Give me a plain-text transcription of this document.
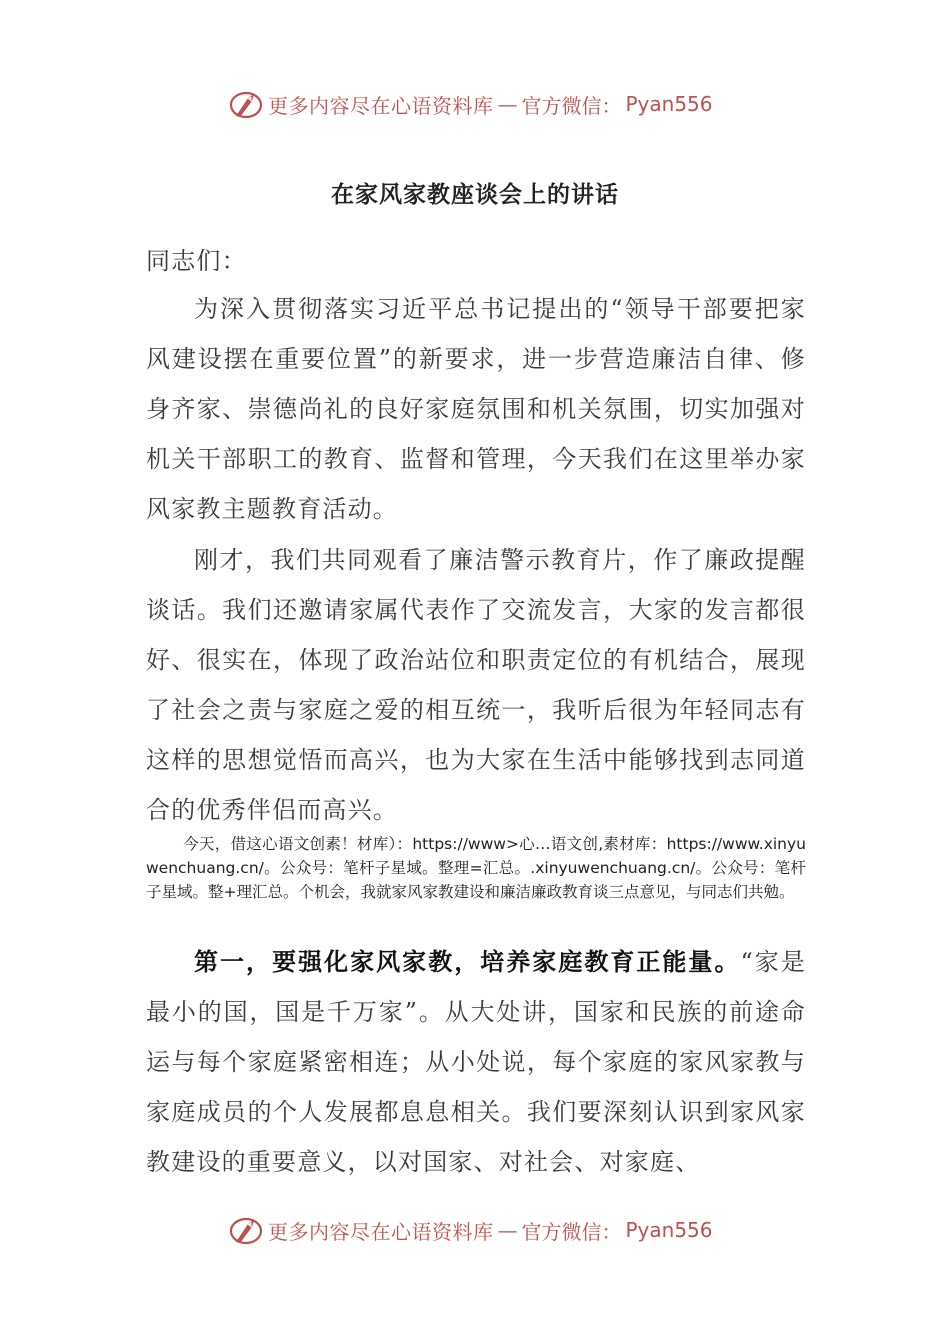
更多内容尽在心语资料库 — 官方微信： Pyan556
在家风家教座谈会上的讲话
同志们：
为深入贯彻落实习近平总书记提出的“领导干部要把家风建设摆在重要位置”的新要求，进一步营造廉洁自律、修身齐家、崇德尚礼的良好家庭氛围和机关氛围，切实加强对机关干部职工的教育、监督和管理，今天我们在这里举办家风家教主题教育活动。
刚才，我们共同观看了廉洁警示教育片，作了廉政提醒谈话。我们还邀请家属代表作了交流发言，大家的发言都很好、很实在，体现了政治站位和职责定位的有机结合，展现了社会之责与家庭之爱的相互统一，我听后很为年轻同志有这样的思想觉悟而高兴，也为大家在生活中能够找到志同道合的优秀伴侣而高兴。
今天，借这心语文创素！材库）：https://www>心…语文创,素材库：https://www.xinyuwenchuang.cn/。公众号：笔杆子星域。整理=汇总。.xinyuwenchuang.cn/。公众号：笔杆子星域。整+理汇总。个机会，我就家风家教建设和廉洁廉政教育谈三点意见，与同志们共勉。
第一，要强化家风家教，培养家庭教育正能量。“家是最小的国，国是千万家”。从大处讲，国家和民族的前途命运与每个家庭紧密相连；从小处说，每个家庭的家风家教与家庭成员的个人发展都息息相关。我们要深刻认识到家风家教建设的重要意义，以对国家、对社会、对家庭、
更多内容尽在心语资料库 — 官方微信： Pyan556
